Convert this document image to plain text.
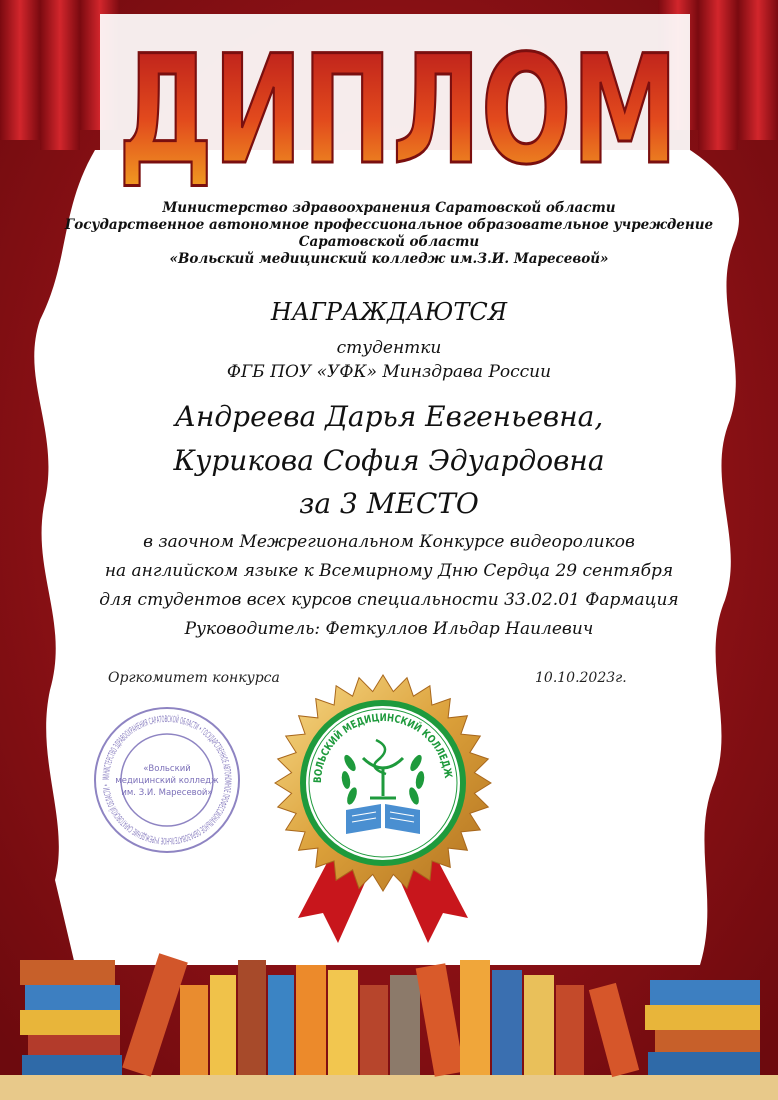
ДИПЛОМ
Министерство здравоохранения Саратовской области
Государственное автономное профессиональное образовательное учреждение
Саратовской области
«Вольский медицинский колледж им.З.И. Маресевой»
НАГРАЖДАЮТСЯ
студентки
ФГБ ПОУ «УФК» Минздрава России
Андреева Дарья Евгеньевна,
Курикова София Эдуардовна
за 3 МЕСТО
в заочном Межрегиональном Конкурсе видеороликов
на английском языке к Всемирному Дню Сердца 29 сентября
для студентов всех курсов специальности 33.02.01 Фармация
Руководитель: Феткуллов Ильдар Наилевич
Оргкомитет конкурса	10.10.2023г.
МИНИСТЕРСТВО ЗДРАВООХРАНЕНИЯ САРАТОВСКОЙ ОБЛАСТИ • ГОСУДАРСТВЕННОЕ АВТОНОМНОЕ ПРОФЕССИОНАЛЬНОЕ ОБРАЗОВАТЕЛЬНОЕ УЧРЕЖДЕНИЕ САРАТОВСКОЙ ОБЛАСТИ •
«Вольский
медицинский колледж
им. З.И. Маресевой»
ВОЛЬСКИЙ МЕДИЦИНСКИЙ КОЛЛЕДЖ
